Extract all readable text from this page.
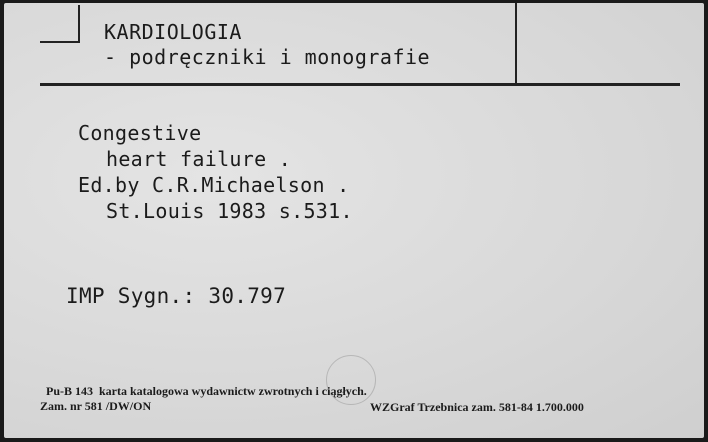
KARDIOLOGIA
- podręczniki i monografie
Congestive
heart failure .
Ed.by C.R.Michaelson .
St.Louis 1983 s.531.
IMP Sygn.: 30.797
Pu-B 143  karta katalogowa wydawnictw zwrotnych i ciągłych.
Zam. nr 581 /DW/ON	WZGraf Trzebnica zam. 581-84 1.700.000
